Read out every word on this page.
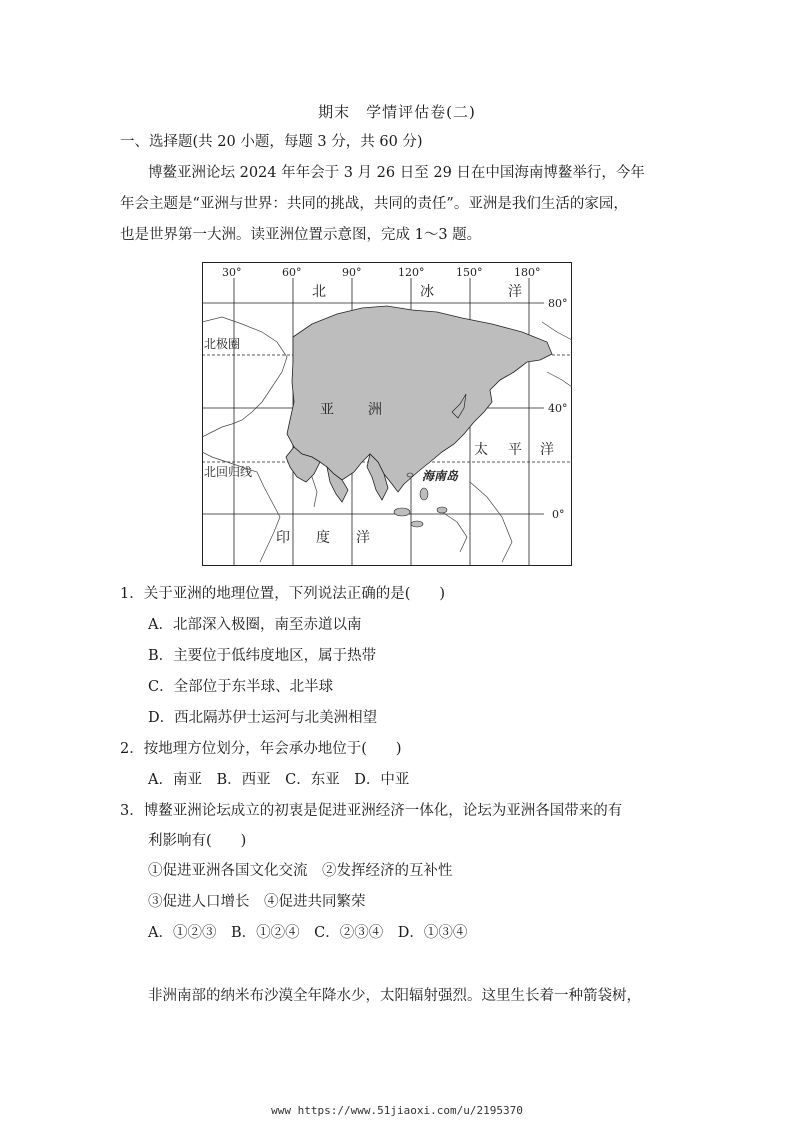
期末　学情评估卷(二)
一、选择题(共 20 小题，每题 3 分，共 60 分)
博鳌亚洲论坛 2024 年年会于 3 月 26 日至 29 日在中国海南博鳌举行，今年
年会主题是“亚洲与世界：共同的挑战，共同的责任”。亚洲是我们生活的家园，
也是世界第一大洲。读亚洲位置示意图，完成 1～3 题。
30°	60°	90°	120°	150°	180°
80°
40°
0°
北	冰	洋
亚 洲
太 平 洋
印 度 洋
北极圈
北回归线	海南岛
1．关于亚洲的地理位置，下列说法正确的是(　　)
A．北部深入极圈，南至赤道以南
B．主要位于低纬度地区，属于热带
C．全部位于东半球、北半球
D．西北隔苏伊士运河与北美洲相望
2．按地理方位划分，年会承办地位于(　　)
A．南亚　B．西亚　C．东亚　D．中亚
3．博鳌亚洲论坛成立的初衷是促进亚洲经济一体化，论坛为亚洲各国带来的有
利影响有(　　)
①促进亚洲各国文化交流　②发挥经济的互补性
③促进人口增长　④促进共同繁荣
A．①②③　B．①②④　C．②③④　D．①③④
非洲南部的纳米布沙漠全年降水少，太阳辐射强烈。这里生长着一种箭袋树，
www https://www.51jiaoxi.com/u/2195370
